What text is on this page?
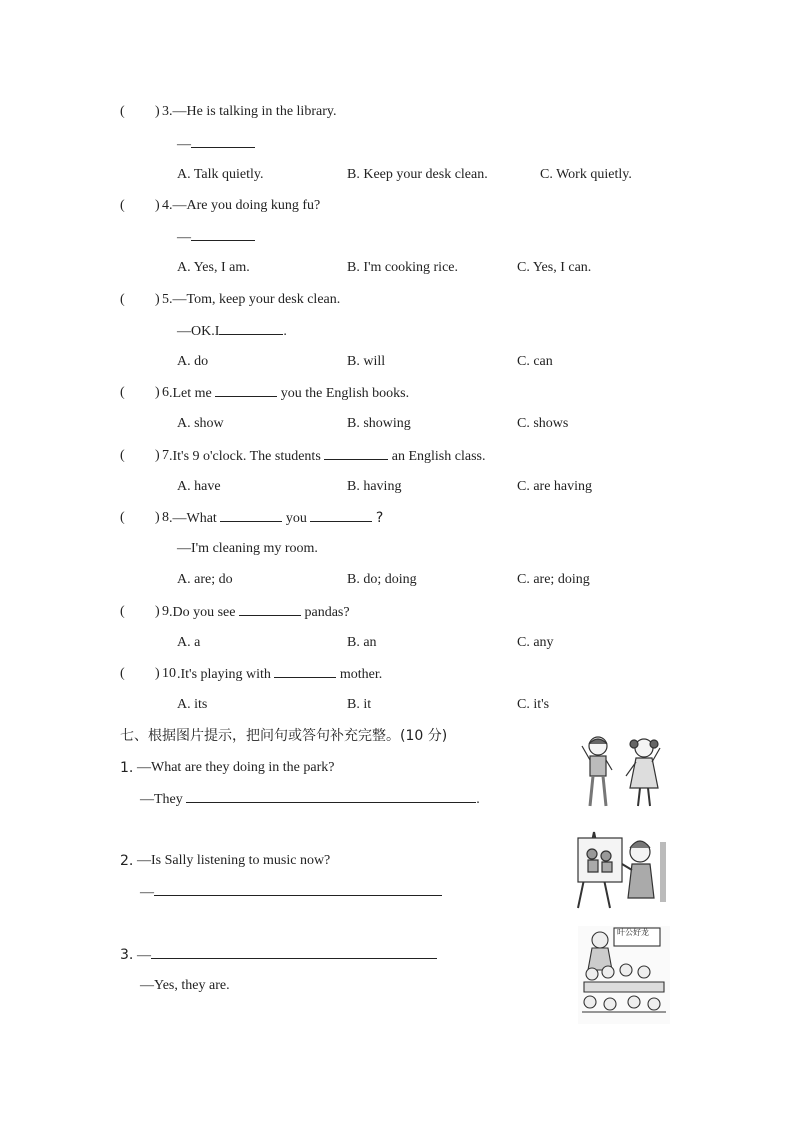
( ) 3 .—He is talking in the library.
—
A. Talk quietly.	B. Keep your desk clean.	C. Work quietly.
( ) 4 .—Are you doing kung fu?
—
A. Yes, I am.	B. I'm cooking rice.	C. Yes, I can.
( ) 5 .—Tom, keep your desk clean.
—OK.I	.
A. do	B. will	C. can
( ) 6 .Let me	you the English books.
A. show	B. showing	C. shows
( ) 7 .It's 9 o'clock. The students	an English class.
A. have	B. having	C. are having
( ) 8 .—What	you	?
—I'm cleaning my room.
A. are; do	B. do; doing	C. are; doing
( ) 9 .Do you see	pandas?
A. a	B. an	C. any
( ) 10 .It's playing with	mother.
A. its	B. it	C. it's
七、根据图片提示，把问句或答句补充完整。(10 分)
1. —What are they doing in the park?
—They	.
2. —Is Sally listening to music now?
—
3. —
—Yes, they are.
叶公好龙
